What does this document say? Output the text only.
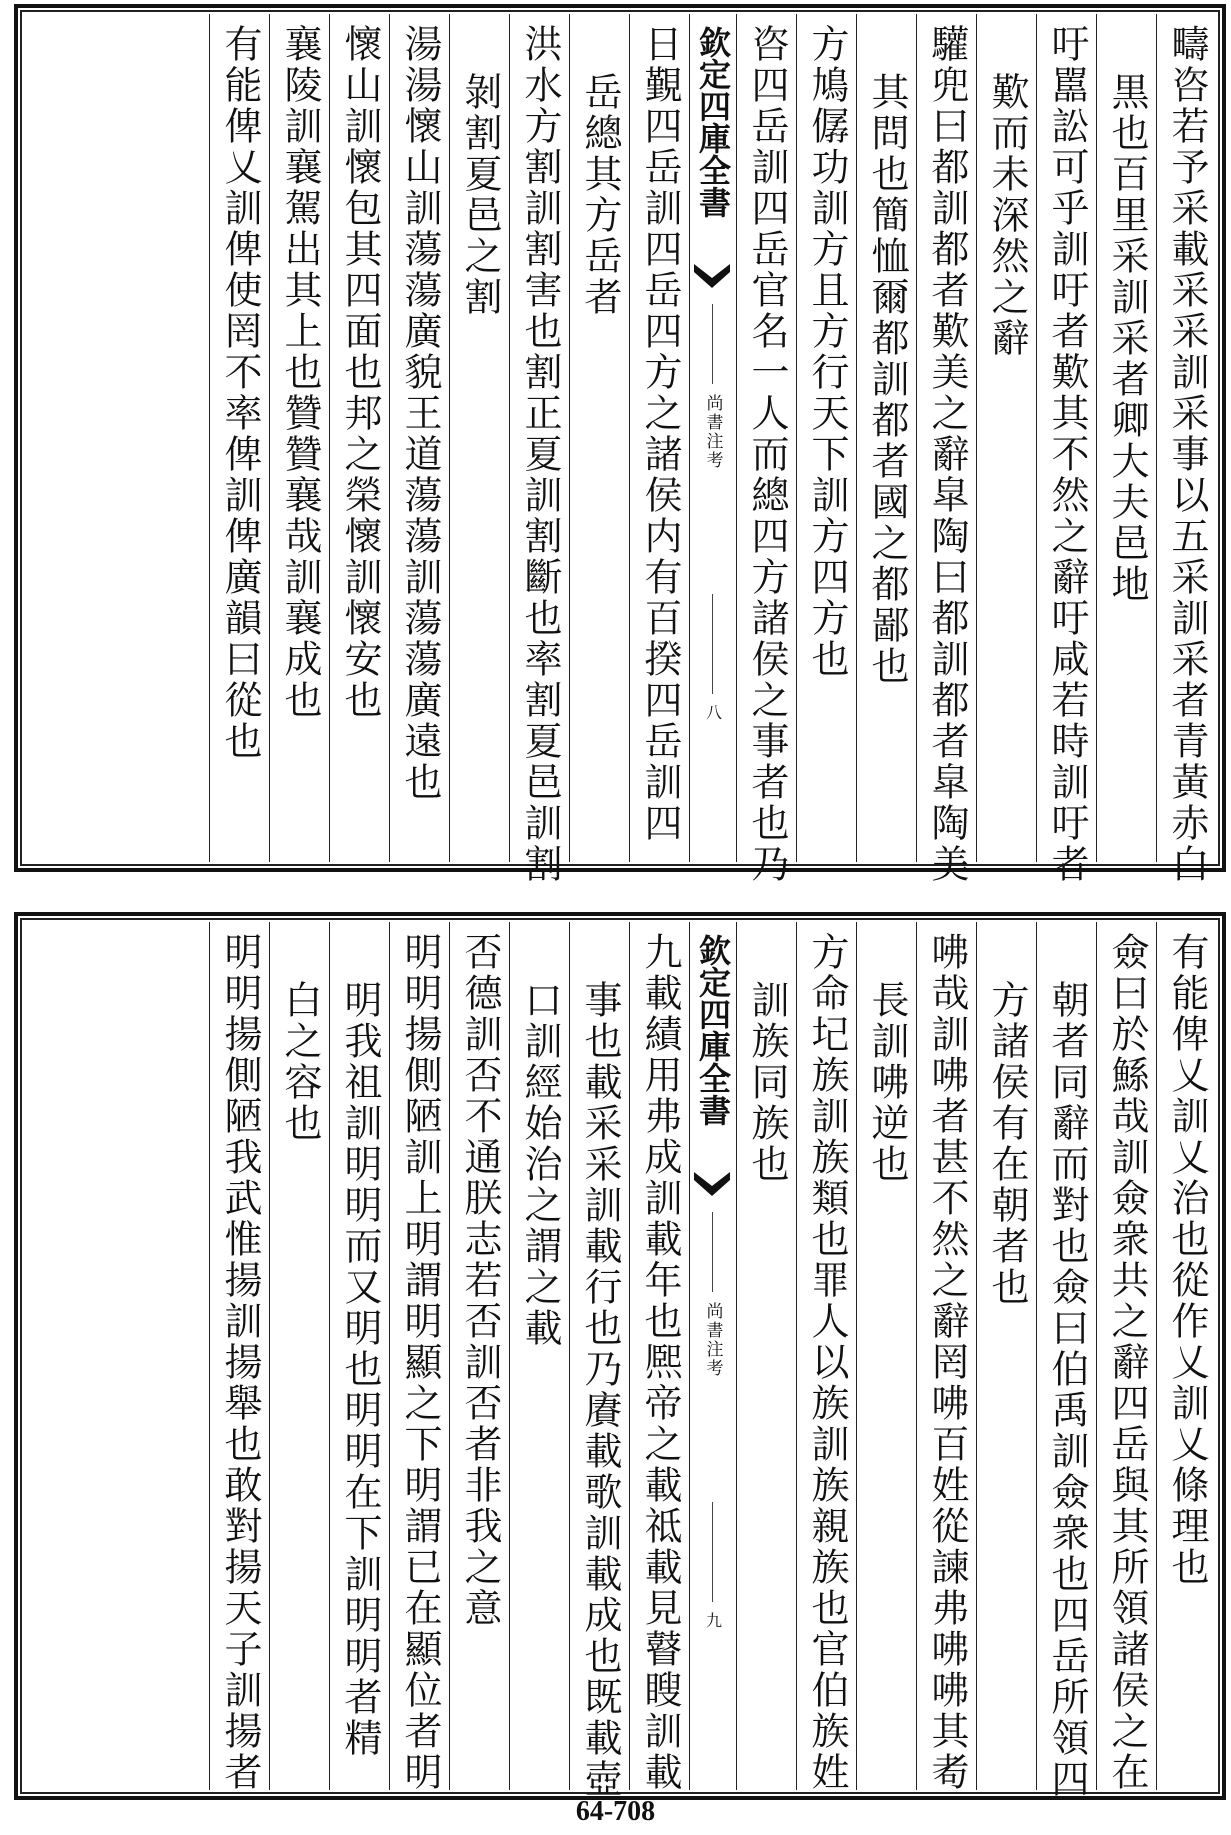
疇咨若予采載采采訓采事以五采訓采者青黃赤白
黒也百里采訓采者卿大夫邑地
吁嚚訟可乎訓吁者歎其不然之辭吁咸若時訓吁者
歎而未深然之辭
驩兜曰都訓都者歎美之辭皐陶曰都訓都者皐陶美
其問也簡恤爾都訓都者國之都鄙也
方鳩僝功訓方且方行天下訓方四方也
咨四岳訓四岳官名一人而總四方諸侯之事者也乃
欽定四庫全書
尚書注考
八
日覲四岳訓四岳四方之諸侯内有百揆四岳訓四
岳總其方岳者
洪水方割訓割害也割正夏訓割斷也率割夏邑訓割
剝割夏邑之割
湯湯懷山訓蕩蕩廣貌王道蕩蕩訓蕩蕩廣遠也
懷山訓懷包其四面也邦之榮懷訓懷安也
襄陵訓襄駕出其上也贊贊襄哉訓襄成也
有能俾乂訓俾使罔不率俾訓俾廣韻曰從也
有能俾乂訓乂治也從作乂訓乂條理也
僉曰於鯀哉訓僉衆共之辭四岳與其所領諸侯之在
朝者同辭而對也僉曰伯禹訓僉衆也四岳所領四
方諸侯有在朝者也
咈哉訓咈者甚不然之辭罔咈百姓從諫弗咈咈其耇
長訓咈逆也
方命圮族訓族類也罪人以族訓族親族也官伯族姓
訓族同族也
欽定四庫全書
尚書注考
九
九載績用弗成訓載年也熈帝之載祗載見瞽瞍訓載
事也載采采訓載行也乃賡載歌訓載成也既載壺
口訓經始治之謂之載
否德訓否不通朕志若否訓否者非我之意
明明揚側陋訓上明謂明顯之下明謂已在顯位者明
明我祖訓明明而又明也明明在下訓明明者精
白之容也
明明揚側陋我武惟揚訓揚舉也敢對揚天子訓揚者
64-708
